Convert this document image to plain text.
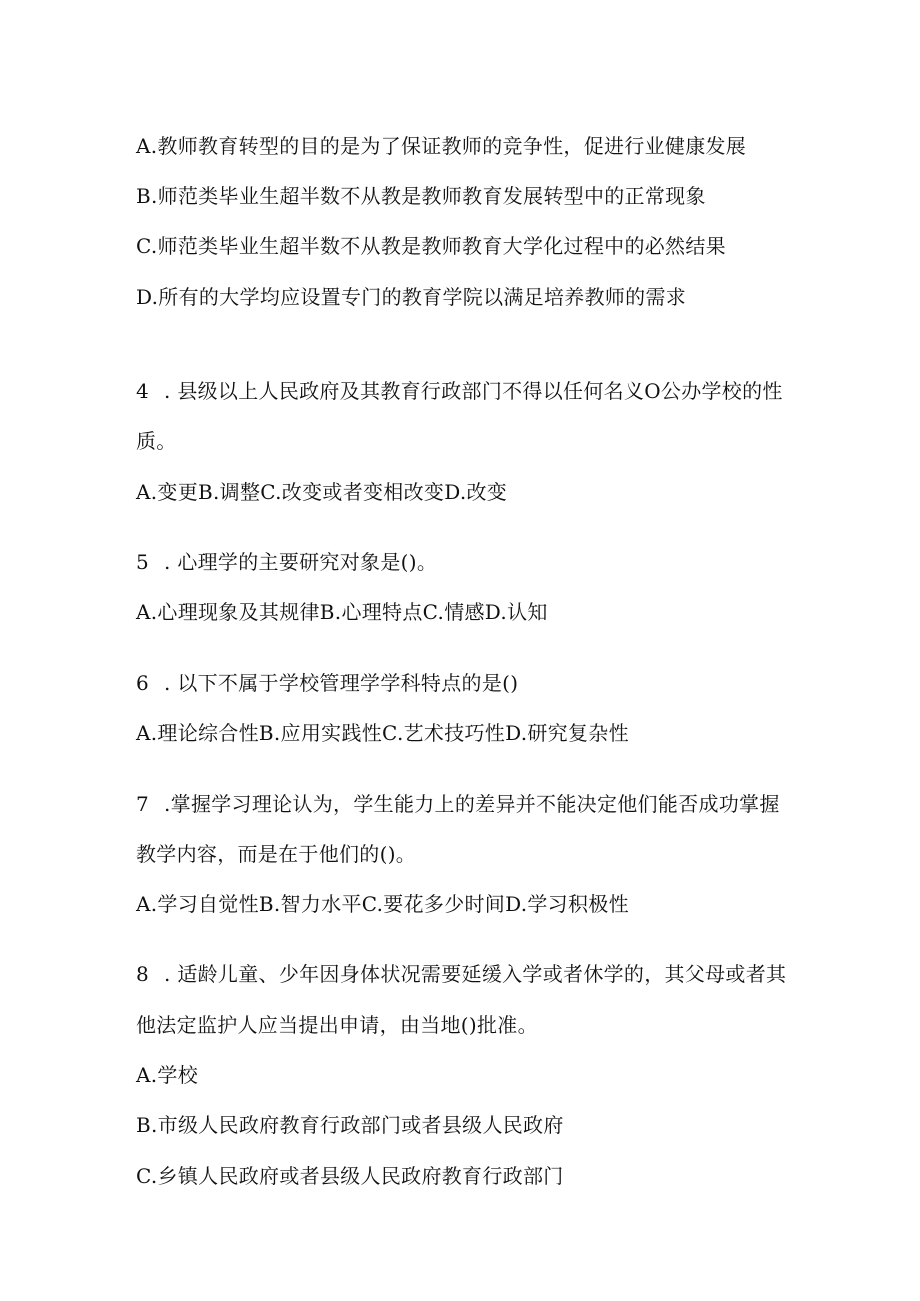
A.教师教育转型的目的是为了保证教师的竞争性，促进行业健康发展
B.师范类毕业生超半数不从教是教师教育发展转型中的正常现象
C.师范类毕业生超半数不从教是教师教育大学化过程中的必然结果
D.所有的大学均应设置专门的教育学院以满足培养教师的需求
4 . 县级以上人民政府及其教育行政部门不得以任何名义O公办学校的性
质。
A.变更B.调整C.改变或者变相改变D.改变
5 . 心理学的主要研究对象是()。
A.心理现象及其规律B.心理特点C.情感D.认知
6 . 以下不属于学校管理学学科特点的是()
A.理论综合性B.应用实践性C.艺术技巧性D.研究复杂性
7 .掌握学习理论认为，学生能力上的差异并不能决定他们能否成功掌握
教学内容，而是在于他们的()。
A.学习自觉性B.智力水平C.要花多少时间D.学习积极性
8 . 适龄儿童、少年因身体状况需要延缓入学或者休学的，其父母或者其
他法定监护人应当提出申请，由当地()批准。
A.学校
B.市级人民政府教育行政部门或者县级人民政府
C.乡镇人民政府或者县级人民政府教育行政部门
